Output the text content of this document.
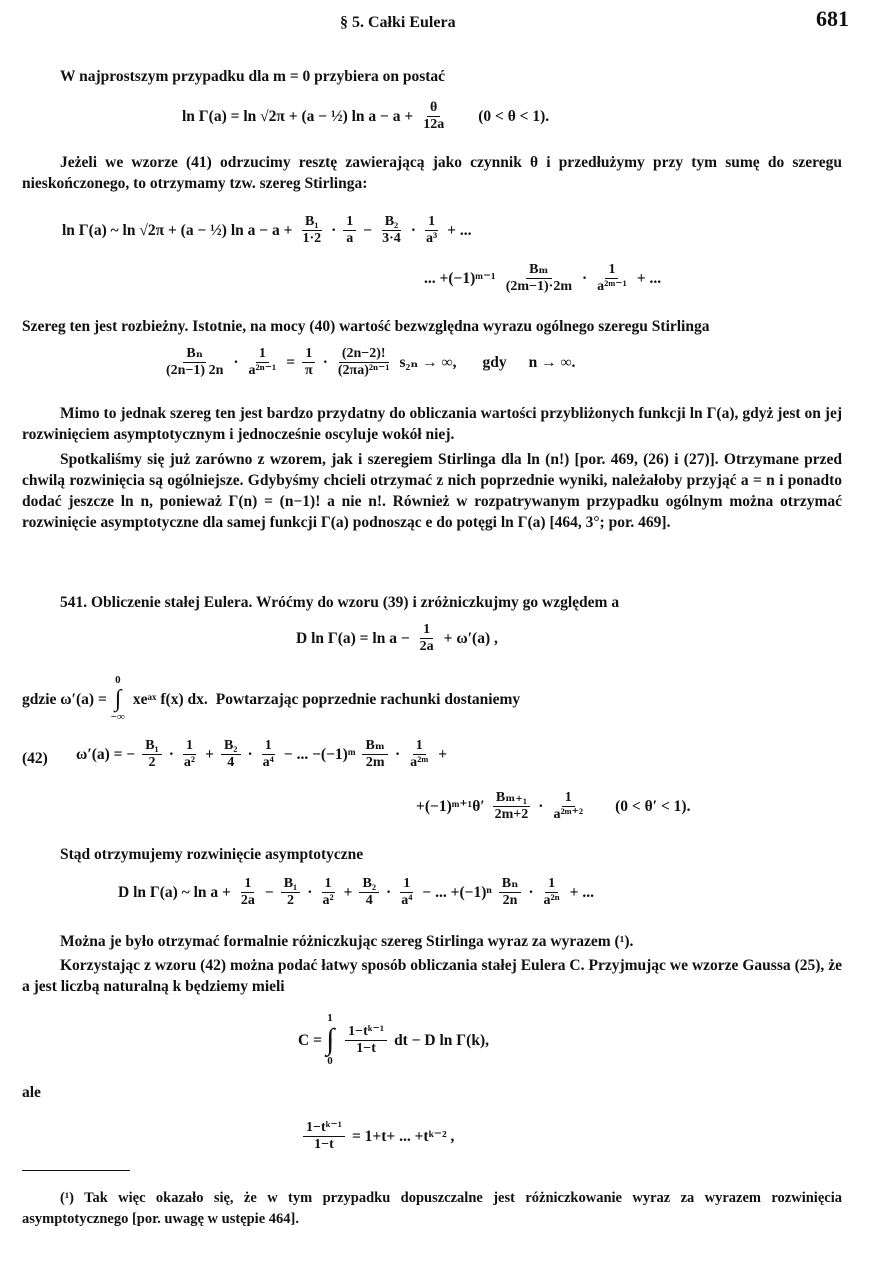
§ 5. Całki Eulera	681
W najprostszym przypadku dla m = 0 przybiera on postać
ln Γ(a) = ln √2π + (a − ½) $\ln a - a + \frac{\theta}{12a} (0 < \theta < 1)$.
Jeżeli we wzorze (41) odrzucimy resztę zawierającą jako czynnik θ i przedłużymy przy tym sumę do szeregu nieskończonego, to otrzymamy tzw. szereg Stirlinga:
ln Γ(a) ~ ln √2π + (a − ½) $\ln a - a + \frac{\text{B₁}}{1\cdot 2} \cdot \frac{1}{a} - \frac{\text{B₂}}{3\cdot 4} \cdot \frac{1}{\text{a³}}$ + ...
... +(−1)ᵐ⁻¹ $\frac{\text{Bₘ}}{(2m-1)\cdot 2m} \cdot \frac{1}{\text{a²ᵐ⁻¹}}$ + ...
Szereg ten jest rozbieżny. Istotnie, na mocy (40) wartość bezwzględna wyrazu ogólnego szeregu Stirlinga
$\frac{\text{Bₙ}}{(2n-1) 2n} \cdot \frac{1}{\text{a²ⁿ⁻¹}} = \frac{1}{\pi} \cdot \frac{(2n-2)!}{\text{(2πa)²ⁿ⁻¹}} s_{2n}$ → ∞, gdy n → ∞.
Mimo to jednak szereg ten jest bardzo przydatny do obliczania wartości przybliżonych funkcji ln Γ(a), gdyż jest on jej rozwinięciem asymptotycznym i jednocześnie oscyluje wokół niej.
Spotkaliśmy się już zarówno z wzorem, jak i szeregiem Stirlinga dla ln (n!) [por. 469, (26) i (27)]. Otrzymane przed chwilą rozwinięcia są ogólniejsze. Gdybyśmy chcieli otrzymać z nich poprzednie wyniki, należałoby przyjąć a = n i ponadto dodać jeszcze ln n, ponieważ Γ(n) = (n−1)! a nie n!. Również w rozpatrywanym przypadku ogólnym można otrzymać rozwinięcie asymptotyczne dla samej funkcji Γ(a) podnosząc e do potęgi ln Γ(a) [464, 3°; por. 469].
541. Obliczenie stałej Eulera. Wróćmy do wzoru (39) i zróżniczkujmy go względem a
D $\ln \Gamma(a) = \ln a - \frac{1}{2a} + \omega'(a)$ ,
gdzie ω′(a) =
0
∫
−∞
xeᵃˣ f(x) dx. Powtarzając poprzednie rachunki dostaniemy
(42) ω′(a) = − $\frac{\text{B₁}}{2} \cdot \frac{1}{\text{a²}} + \frac{\text{B₂}}{4} \cdot \frac{1}{\text{a⁴}}$ − ... −(−1)ᵐ $\frac{\text{Bₘ}}{2m} \cdot \frac{1}{\text{a²ᵐ}}$ +
+(−1)ᵐ⁺¹θ′ $\frac{\text{Bₘ₊₁}}{2m+2} \cdot \frac{1}{\text{a²ᵐ⁺²}} (0 < \theta' < 1)$.
Stąd otrzymujemy rozwinięcie asymptotyczne
D ln Γ(a) ~ $\ln a + \frac{1}{2a} - \frac{\text{B₁}}{2} \cdot \frac{1}{\text{a²}} + \frac{\text{B₂}}{4} \cdot \frac{1}{\text{a⁴}}$ − ... $+(-1)^n \frac{\text{Bₙ}}{2n} \cdot \frac{1}{\text{a²ⁿ}}$ + ...
Można je było otrzymać formalnie różniczkując szereg Stirlinga wyraz za wyrazem (¹).
Korzystając z wzoru (42) można podać łatwy sposób obliczania stałej Eulera C. Przyjmując we wzorze Gaussa (25), że a jest liczbą naturalną k będziemy mieli
C =
1
∫
0
$\frac{\text{1−tᵏ⁻¹}}{1-t}$ dt − D ln Γ(k),
ale
$\frac{\text{1−tᵏ⁻¹}}{1-t} = 1+t+$ ... +tᵏ⁻² ,
(¹) Tak więc okazało się, że w tym przypadku dopuszczalne jest różniczkowanie wyraz za wyrazem rozwinięcia asymptotycznego [por. uwagę w ustępie 464].
